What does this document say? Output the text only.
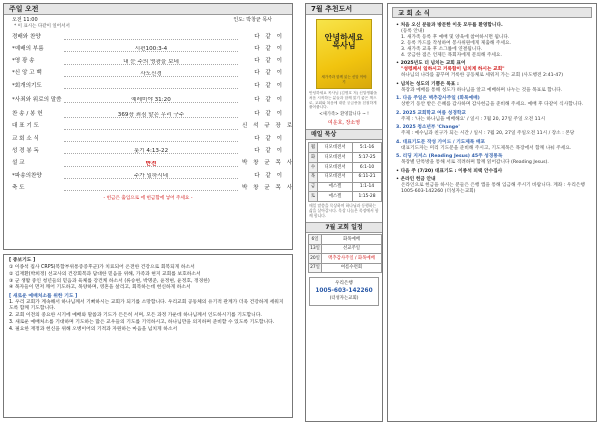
주일 오전
오전 11:00	인도: 박창균 목사
* 이 표시는 다같이 일어서서
경배와 찬양	다 같 이
*예배의 부름	시편100:3-4	다 같 이
*영 광 송	내 눈 주의 영광을 보네	다 같 이
*신 앙 고 백	사도신경	다 같 이
*회개의기도	다 같 이
*사죄와 위로의 말씀	예레미야 31:20	다 같 이
찬 송 / 봉 헌	369장 죄짐 맡은 우리 구주	다 같 이
대 표 기 도	신 석 규 장 로
교 회 소 식	다 같 이
성 경 봉 독	룻기 4:13-22	다 같 이
설 교	반전	박 창 균 목 사
*파송의찬양	주가 일하시네	다 같 이
축 도	박 창 균 목 사
- 헌금은 출입으로 에 헌금함에 넣어 주세요 -
[ 중보기도 ]

① 이종석 집사 CRPS(복합부위통증증후군)가 치료되어 온전한 건강으로 회복되게 하소서

② 김재환(박희정) 선교사의 건강회복과 담대한 믿음을 위해, 가족과 현지 교회를 보호하소서

③ 군 생활 중인 청년들의 믿음과 육체를 강건케 하소서 (류승현, 박명준, 윤정현, 윤정호, 정경한)

④ 목자들이 먼저 깨어 기도하고, 목양하며, 영혼을 살리고, 회복하는데 헌신하게 하소서

[ 새로운 예배처소를 위한 기도 ]

1. 우리 교회가 계속해서 하나님께서 기뻐하시는 교회가 되기를 소망합니다. 우리교회 공동체의 유기적 관계가 더욱 건강하게 세워지도록 함께 기도합니다.

2. 교회 이전의 중요한 시기에 예배와 말씀과 기도가 든든히 서며, 모든 과정 가운데 하나님께서 인도하시기를 기도합니다.

3. 새로운 예배처소를 기대하며 기도하는 많은 교우들의 기도를 기억하시고, 하나님만을 의지하며 준비할 수 있도록 기도합니다.

4. 필요한 재정과 헌신을 위해 오병이어의 기적과 자원하는 마음을 넘치게 하소서

7월 추천도서
안녕하세요 목사님
새가족과 함께 읽는 신앙 이야기
안녕하세요 목사님 (김명호 저) 신앙생활을 처음 시작하는 분들과 함께 읽기 좋은 책으로, 교회와 복음에 대한 궁금증을 친절하게 풀어줍니다.
<새가족> 환영합니다 ~ !
여운호, 장소영
매일 묵상
월	디모데전서	5:1-16
화	디모데전서	5:17-25
수	디모데전서	6:1-10
목	디모데전서	6:11-21
금	애스겔	1:1-14
토	애스겔	1:15-28
매일 말씀을 묵상하며 하나님과 동행하는 삶을 살아갑시다. 묵상 나눔은 목장에서 함께 합니다.
7월 교회 일정
6일	화목예배
13일	선교주일
20일	맥추감사주일 / 화목예배
27일	여름수련회
우리은행
1005-603-142260
(더성자는교회)
교 회 소 식
• 처음 오신 분들과 방문한 이웃 모두를 환영합니다.
(등록 안내)
1. 새가족 등록 후 예배 및 양육에 참여하시면 됩니다.
2. 등록 카드를 작성하여 봉사위원에게 제출해 주세요.
3. 새가족 교육 후 소그룹에 연결됩니다.
4. 궁금한 점은 언제든 목회자에게 문의해 주세요.
• 2025년도 더 넘치는 교회 표어
"성령께서 일하시고 거룩함이 넘치게 하시는 교회"
하나님의 나라를 꿈꾸며 거룩한 공동체로 세워져 가는 교회 (사도행전 2:41-47)
• 넘치는 성도의 기쁨은 목표 :
목장과 예배를 통해 성도가 하나님을 알고 예배하며 나누는 것을 목표로 합니다.
1. 다음 주일은 맥추감사주일 (화목예배)
상반기 동안 받은 은혜를 감사하며 감사헌금을 준비해 주세요. 예배 후 다같이 식사합니다.
2. 2025 교회학교 여름 성경학교
주제 : '나는 하나님을 예배해요' / 일시 : 7월 20, 27일 주일 오전 11시
3. 2025 청소년부 'Change'
주제 : 예수님과 친구가 되는 시간 / 일시 : 7월 20, 27일 주일오전 11시 / 장소 : 본당
4. 대표기도문 작성 가이드 / 기도제목 배포
대표기도자는 미리 기도문을 준비해 주시고, 기도제목은 목장에서 함께 나눠 주세요.
5. 리딩 지저스 (Reading Jesus) 45주 성경통독
목장별 단톡방을 통해 서로 격려하며 함께 읽어갑니다 (Reading Jesus).
• 다음 주 (7/20) 대표기도 : 이종석 피택 안수집사
• 온라인 헌금 안내
온라인으로 헌금을 하시는 분들은 은행 앱을 통해 입금해 주시기 바랍니다. 계좌 : 우리은행 1005-603-142260 (더성자는교회)
